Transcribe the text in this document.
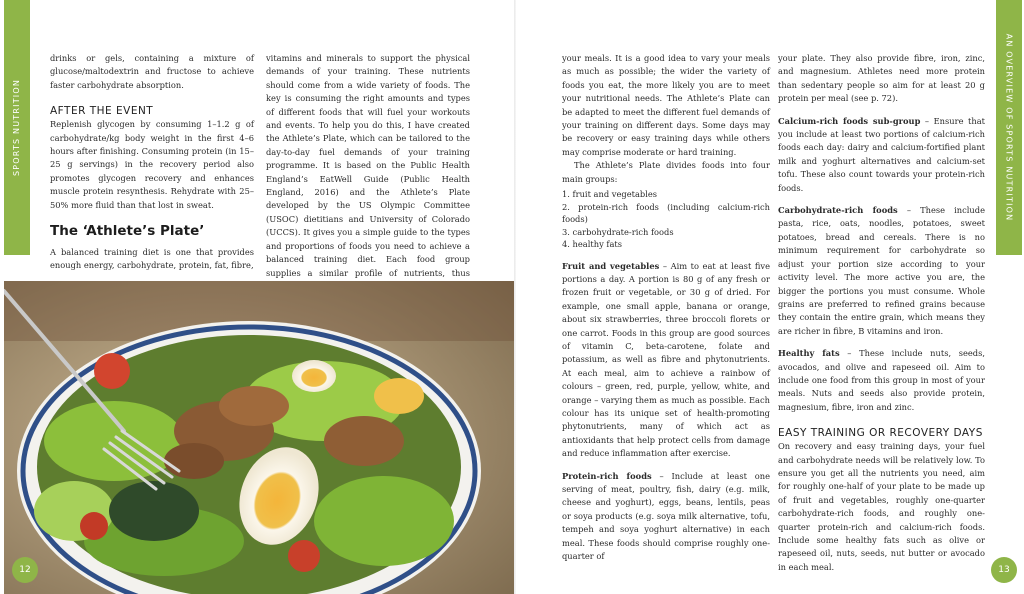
SPORTS NUTRITION

drinks or gels, containing a mixture of glucose/maltodextrin and fructose to achieve faster carbohydrate absorption.

AFTER THE EVENT

Replenish glycogen by consuming 1–1.2 g of carbohydrate/kg body weight in the first 4–6 hours after finishing. Consuming protein (in 15–25 g servings) in the recovery period also promotes glycogen recovery and enhances muscle protein resynthesis. Rehydrate with 25–50% more fluid than that lost in sweat.

The ‘Athlete’s Plate’

A balanced training diet is one that provides enough energy, carbohydrate, protein, fat, fibre,

vitamins and minerals to support the physical demands of your training. These nutrients should come from a wide variety of foods. The key is consuming the right amounts and types of different foods that will fuel your workouts and events. To help you do this, I have created the Athlete’s Plate, which can be tailored to the day-to-day fuel demands of your training programme. It is based on the Public Health England’s EatWell Guide (Public Health England, 2016) and the Athlete’s Plate developed by the US Olympic Committee (USOC) dietitians and University of Colorado (UCCS). It gives you a simple guide to the types and proportions of foods you need to achieve a balanced training diet. Each food group supplies a similar profile of nutrients, thus

12

your meals. It is a good idea to vary your meals as much as possible; the wider the variety of foods you eat, the more likely you are to meet your nutritional needs. The Athlete’s Plate can be adapted to meet the different fuel demands of your training on different days. Some days may be recovery or easy training days while others may comprise moderate or hard training.

The Athlete’s Plate divides foods into four main groups:

1. fruit and vegetables
2. protein-rich foods (including calcium-rich foods)
3. carbohydrate-rich foods
4. healthy fats

Fruit and vegetables – Aim to eat at least five portions a day. A portion is 80 g of any fresh or frozen fruit or vegetable, or 30 g of dried. For example, one small apple, banana or orange, about six strawberries, three broccoli florets or one carrot. Foods in this group are good sources of vitamin C, beta-carotene, folate and potassium, as well as fibre and phytonutrients. At each meal, aim to achieve a rainbow of colours – green, red, purple, yellow, white, and orange – varying them as much as possible. Each colour has its unique set of health-promoting phytonutrients, many of which act as antioxidants that help protect cells from damage and reduce inflammation after exercise.

Protein-rich foods – Include at least one serving of meat, poultry, fish, dairy (e.g. milk, cheese and yoghurt), eggs, beans, lentils, peas or soya products (e.g. soya milk alternative, tofu, tempeh and soya yoghurt alternative) in each meal. These foods should comprise roughly one-quarter of

your plate. They also provide fibre, iron, zinc, and magnesium. Athletes need more protein than sedentary people so aim for at least 20 g protein per meal (see p. 72).

Calcium-rich foods sub-group – Ensure that you include at least two portions of calcium-rich foods each day: dairy and calcium-fortified plant milk and yoghurt alternatives and calcium-set tofu. These also count towards your protein-rich foods.

Carbohydrate-rich foods – These include pasta, rice, oats, noodles, potatoes, sweet potatoes, bread and cereals. There is no minimum requirement for carbohydrate so adjust your portion size according to your activity level. The more active you are, the bigger the portions you must consume. Whole grains are preferred to refined grains because they contain the entire grain, which means they are richer in fibre, B vitamins and iron.

Healthy fats – These include nuts, seeds, avocados, and olive and rapeseed oil. Aim to include one food from this group in most of your meals. Nuts and seeds also provide protein, magnesium, fibre, iron and zinc.

EASY TRAINING OR RECOVERY DAYS

On recovery and easy training days, your fuel and carbohydrate needs will be relatively low. To ensure you get all the nutrients you need, aim for roughly one-half of your plate to be made up of fruit and vegetables, roughly one-quarter carbohydrate-rich foods, and roughly one-quarter protein-rich and calcium-rich foods. Include some healthy fats such as olive or rapeseed oil, nuts, seeds, nut butter or avocado in each meal.

AN OVERVIEW OF SPORTS NUTRITION
13
